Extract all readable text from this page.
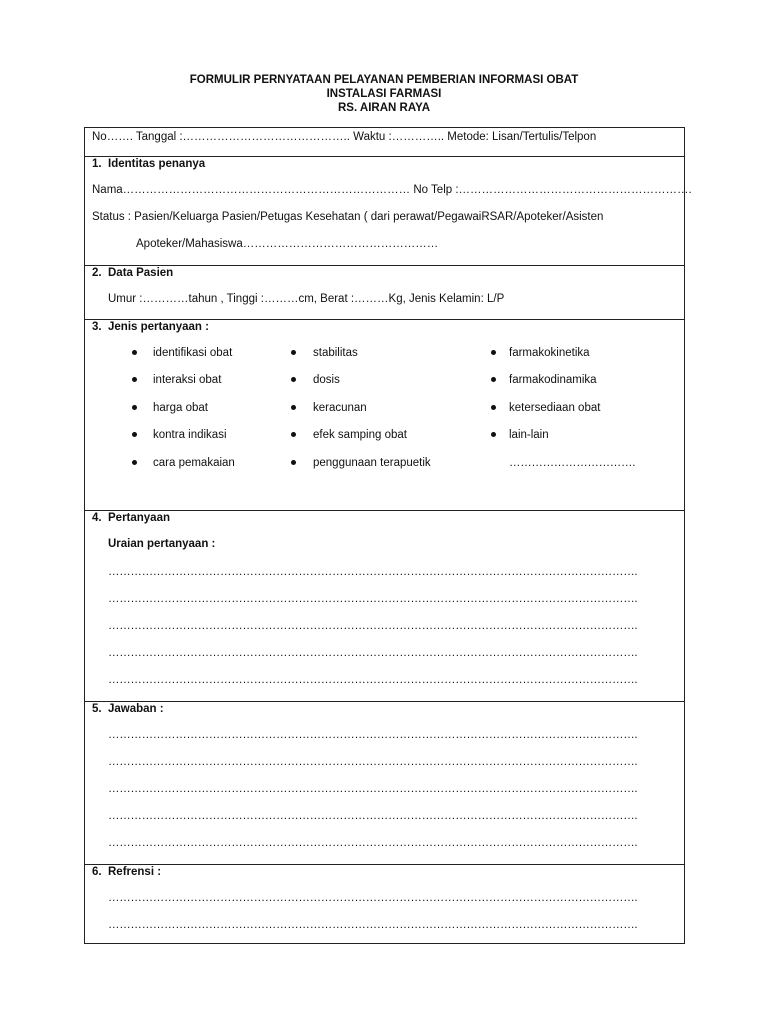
FORMULIR PERNYATAAN PELAYANAN PEMBERIAN INFORMASI OBAT
INSTALASI FARMASI
RS. AIRAN RAYA
No……. Tanggal :…………………………………….. Waktu :………….. Metode: Lisan/Tertulis/Telpon
1. Identitas penanya
Nama………………………………………………………………… No Telp :…………………………………………………….
Status : Pasien/Keluarga Pasien/Petugas Kesehatan ( dari perawat/PegawaiRSAR/Apoteker/Asisten
Apoteker/Mahasiswa……………………………………………
2. Data Pasien
Umur :…………tahun , Tinggi :………cm, Berat :………Kg, Jenis Kelamin: L/P
3. Jenis pertanyaan :
identifikasi obat
interaksi obat
harga obat
kontra indikasi
cara pemakaian
stabilitas
dosis
keracunan
efek samping obat
penggunaan terapuetik
farmakokinetika
farmakodinamika
ketersediaan obat
lain-lain
…………………………….
4. Pertanyaan
Uraian pertanyaan :
…………………………………………………………………………………………………………………………….
…………………………………………………………………………………………………………………………….
…………………………………………………………………………………………………………………………….
…………………………………………………………………………………………………………………………….
…………………………………………………………………………………………………………………………….
5. Jawaban :
…………………………………………………………………………………………………………………………….
…………………………………………………………………………………………………………………………….
…………………………………………………………………………………………………………………………….
…………………………………………………………………………………………………………………………….
…………………………………………………………………………………………………………………………….
6. Refrensi :
…………………………………………………………………………………………………………………………….
…………………………………………………………………………………………………………………………….
